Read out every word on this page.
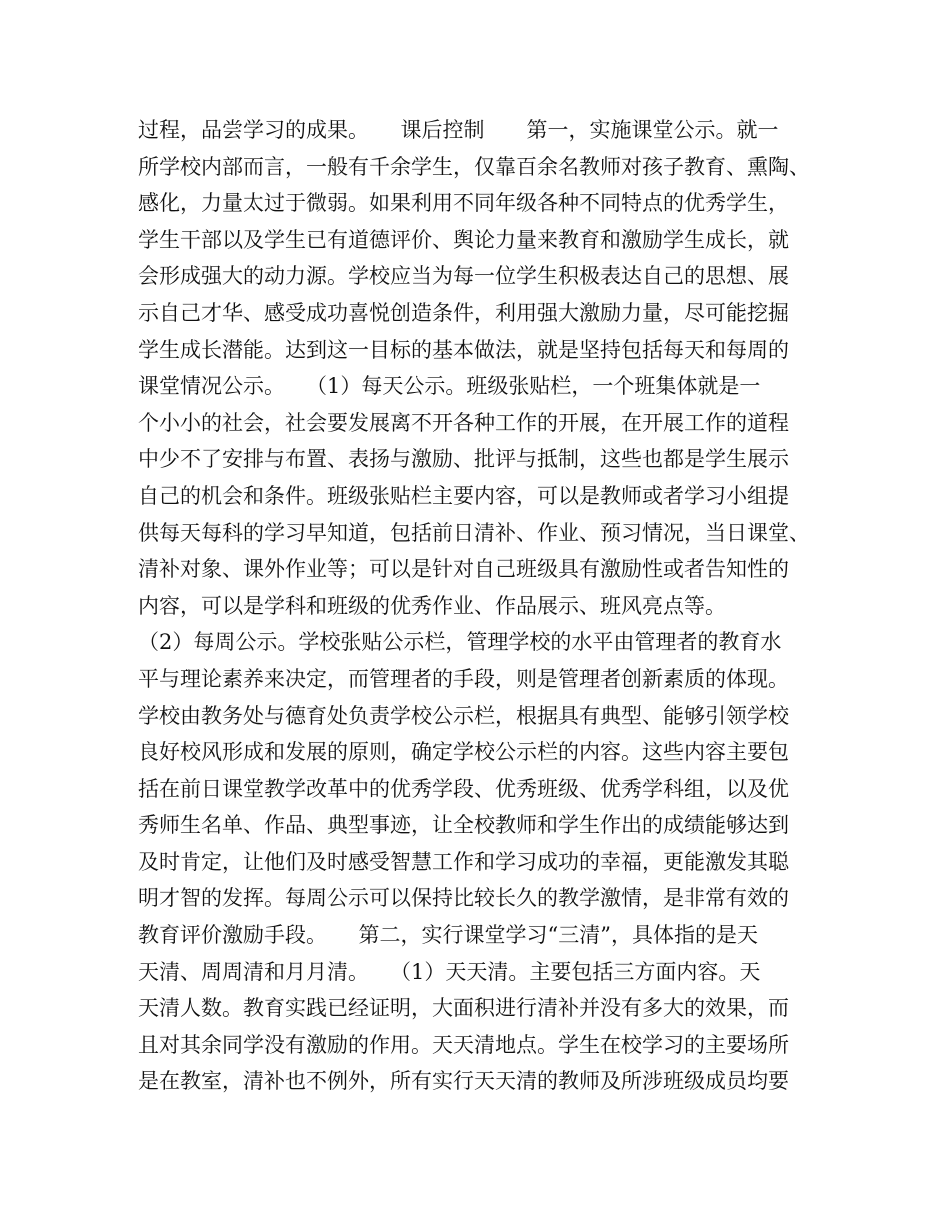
过程，品尝学习的成果。　　课后控制　　第一，实施课堂公示。就一
所学校内部而言，一般有千余学生，仅靠百余名教师对孩子教育、熏陶、
感化，力量太过于微弱。如果利用不同年级各种不同特点的优秀学生，
学生干部以及学生已有道德评价、舆论力量来教育和激励学生成长，就
会形成强大的动力源。学校应当为每一位学生积极表达自己的思想、展
示自己才华、感受成功喜悦创造条件，利用强大激励力量，尽可能挖掘
学生成长潜能。达到这一目标的基本做法，就是坚持包括每天和每周的
课堂情况公示。　　（1）每天公示。班级张贴栏，一个班集体就是一
个小小的社会，社会要发展离不开各种工作的开展，在开展工作的道程
中少不了安排与布置、表扬与激励、批评与抵制，这些也都是学生展示
自己的机会和条件。班级张贴栏主要内容，可以是教师或者学习小组提
供每天每科的学习早知道，包括前日清补、作业、预习情况，当日课堂、
清补对象、课外作业等；可以是针对自己班级具有激励性或者告知性的
内容，可以是学科和班级的优秀作业、作品展示、班风亮点等。
（2）每周公示。学校张贴公示栏，管理学校的水平由管理者的教育水
平与理论素养来决定，而管理者的手段，则是管理者创新素质的体现。
学校由教务处与德育处负责学校公示栏，根据具有典型、能够引领学校
良好校风形成和发展的原则，确定学校公示栏的内容。这些内容主要包
括在前日课堂教学改革中的优秀学段、优秀班级、优秀学科组，以及优
秀师生名单、作品、典型事迹，让全校教师和学生作出的成绩能够达到
及时肯定，让他们及时感受智慧工作和学习成功的幸福，更能激发其聪
明才智的发挥。每周公示可以保持比较长久的教学激情，是非常有效的
教育评价激励手段。　　第二，实行课堂学习“三清”，具体指的是天
天清、周周清和月月清。　　（1）天天清。主要包括三方面内容。天
天清人数。教育实践已经证明，大面积进行清补并没有多大的效果，而
且对其余同学没有激励的作用。天天清地点。学生在校学习的主要场所
是在教室，清补也不例外，所有实行天天清的教师及所涉班级成员均要
